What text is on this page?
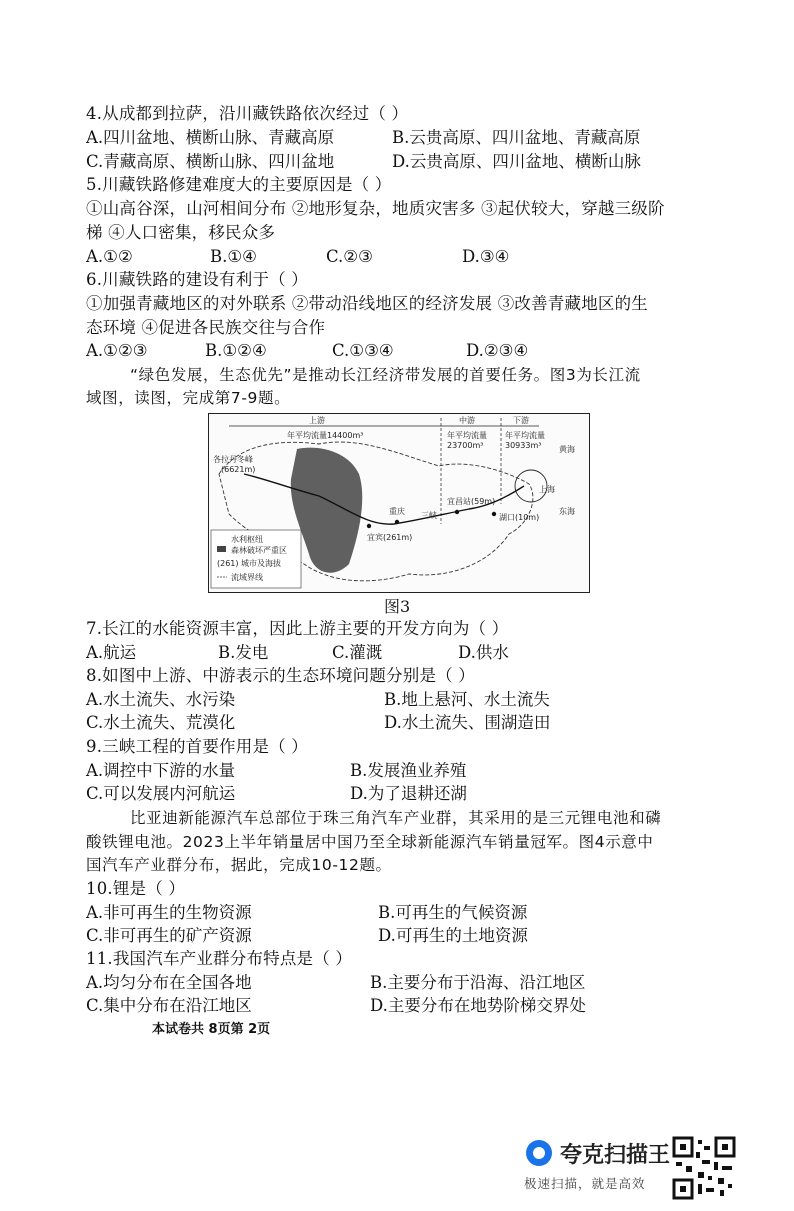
4.从成都到拉萨，沿川藏铁路依次经过（ ）
A.四川盆地、横断山脉、青藏高原	B.云贵高原、四川盆地、青藏高原
C.青藏高原、横断山脉、四川盆地	D.云贵高原、四川盆地、横断山脉
5.川藏铁路修建难度大的主要原因是（ ）
①山高谷深，山河相间分布 ②地形复杂，地质灾害多 ③起伏较大，穿越三级阶
梯 ④人口密集，移民众多
A.①②	B.①④	C.②③	D.③④
6.川藏铁路的建设有利于（ ）
①加强青藏地区的对外联系 ②带动沿线地区的经济发展 ③改善青藏地区的生
态环境 ④促进各民族交往与合作
A.①②③	B.①②④	C.①③④	D.②③④
“绿色发展，生态优先”是推动长江经济带发展的首要任务。图3为长江流
域图，读图，完成第7-9题。
上游	中游	下游
年平均流量14400m³	年平均流量
23700m³
年平均流量
30933m³
各拉丹冬峰
(6621m)
黄海
东海
上海
宜宾(261m)
重庆 三峡
宜昌站(59m)
湖口(10m)
水利枢纽
森林破坏严重区
(261) 城市及海拔
流域界线
图3
7.长江的水能资源丰富，因此上游主要的开发方向为（ ）
A.航运	B.发电	C.灌溉	D.供水
8.如图中上游、中游表示的生态环境问题分别是（ ）
A.水土流失、水污染	B.地上悬河、水土流失
C.水土流失、荒漠化	D.水土流失、围湖造田
9.三峡工程的首要作用是（ ）
A.调控中下游的水量	B.发展渔业养殖
C.可以发展内河航运	D.为了退耕还湖
比亚迪新能源汽车总部位于珠三角汽车产业群，其采用的是三元锂电池和磷
酸铁锂电池。2023上半年销量居中国乃至全球新能源汽车销量冠军。图4示意中
国汽车产业群分布，据此，完成10-12题。
10.锂是（ ）
A.非可再生的生物资源	B.可再生的气候资源
C.非可再生的矿产资源	D.可再生的土地资源
11.我国汽车产业群分布特点是（ ）
A.均匀分布在全国各地	B.主要分布于沿海、沿江地区
C.集中分布在沿江地区	D.主要分布在地势阶梯交界处
本试卷共 8页第 2页
夸克扫描王
极速扫描，就是高效
